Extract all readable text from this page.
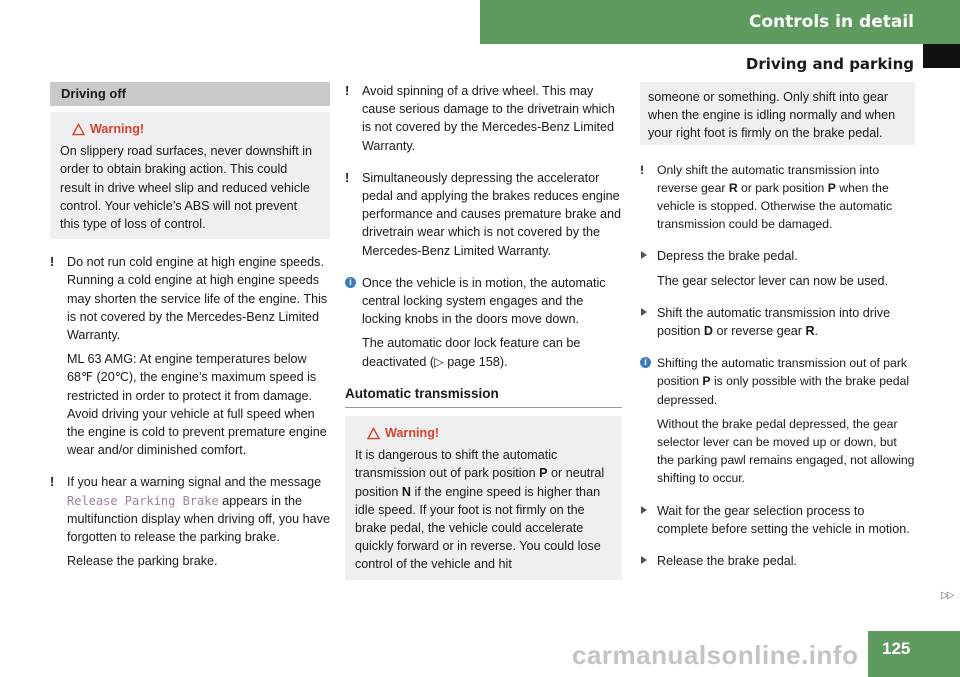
Controls in detail
Driving and parking
Driving off
Warning!
On slippery road surfaces, never downshift in order to obtain braking action. This could result in drive wheel slip and reduced vehicle control. Your vehicle’s ABS will not prevent this type of loss of control.
! Do not run cold engine at high engine speeds. Running a cold engine at high engine speeds may shorten the service life of the engine. This is not covered by the Mercedes-Benz Limited Warranty.

ML 63 AMG: At engine temperatures below 68℉ (20℃), the engine’s maximum speed is restricted in order to protect it from damage. Avoid driving your vehicle at full speed when the engine is cold to prevent premature engine wear and/or diminished comfort.

! If you hear a warning signal and the message Release Parking Brake appears in the multifunction display when driving off, you have forgotten to release the parking brake.

Release the parking brake.

! Avoid spinning of a drive wheel. This may cause serious damage to the drivetrain which is not covered by the Mercedes-Benz Limited Warranty.

! Simultaneously depressing the accelerator pedal and applying the brakes reduces engine performance and causes premature brake and drivetrain wear which is not covered by the Mercedes-Benz Limited Warranty.

i Once the vehicle is in motion, the automatic central locking system engages and the locking knobs in the doors move down.

The automatic door lock feature can be deactivated (▷ page 158).

Automatic transmission
Warning!
It is dangerous to shift the automatic transmission out of park position P or neutral position N if the engine speed is higher than idle speed. If your foot is not firmly on the brake pedal, the vehicle could accelerate quickly forward or in reverse. You could lose control of the vehicle and hit
someone or something. Only shift into gear when the engine is idling normally and when your right foot is firmly on the brake pedal.
! Only shift the automatic transmission into reverse gear R or park position P when the vehicle is stopped. Otherwise the automatic transmission could be damaged.

Depress the brake pedal.

The gear selector lever can now be used.

Shift the automatic transmission into drive position D or reverse gear R.

i Shifting the automatic transmission out of park position P is only possible with the brake pedal depressed.

Without the brake pedal depressed, the gear selector lever can be moved up or down, but the parking pawl remains engaged, not allowing shifting to occur.

Wait for the gear selection process to complete before setting the vehicle in motion.

Release the brake pedal.

▷▷
carmanualsonline.info 125
